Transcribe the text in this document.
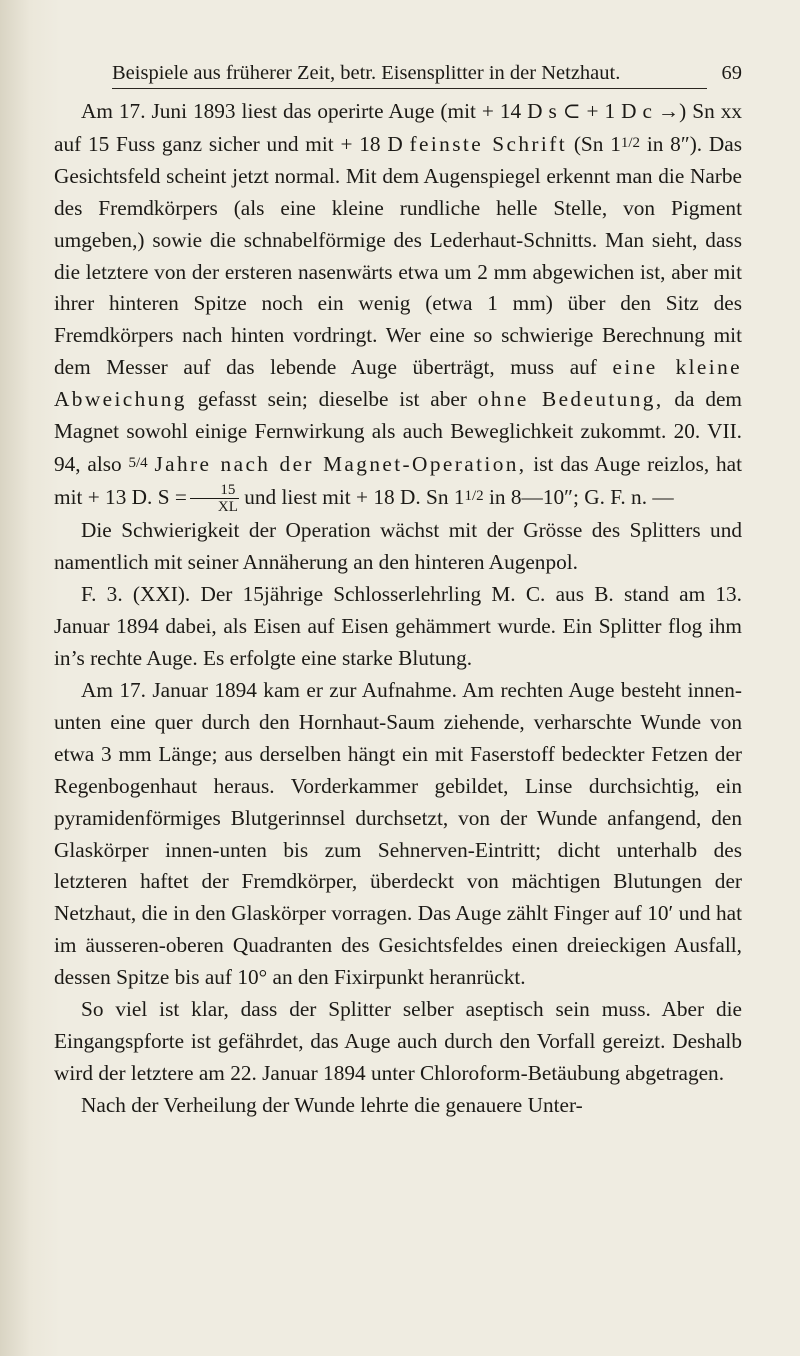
Beispiele aus früherer Zeit, betr. Eisensplitter in der Netzhaut.	69

Am 17. Juni 1893 liest das operirte Auge (mit + 14 D s ⊂ + 1 D c →) Sn xx auf 15 Fuss ganz sicher und mit + 18 D feinste Schrift (Sn 11/2 in 8″). Das Gesichtsfeld scheint jetzt normal. Mit dem Augenspiegel erkennt man die Narbe des Fremdkörpers (als eine kleine rundliche helle Stelle, von Pigment umgeben,) sowie die schnabelförmige des Lederhaut-Schnitts. Man sieht, dass die letztere von der ersteren nasenwärts etwa um 2 mm abgewichen ist, aber mit ihrer hinteren Spitze noch ein wenig (etwa 1 mm) über den Sitz des Fremdkörpers nach hinten vordringt. Wer eine so schwierige Berechnung mit dem Messer auf das lebende Auge überträgt, muss auf eine kleine Abweichung gefasst sein; dieselbe ist aber ohne Bedeutung, da dem Magnet sowohl einige Fernwirkung als auch Beweglichkeit zukommt. 20. VII. 94, also 5/4 Jahre nach der Magnet-Operation, ist das Auge reizlos, hat mit + 13 D. $S = \frac{15}{XL}$ und liest mit + 18 D. Sn 11/2 in 8—10″; G. F. n. —

Die Schwierigkeit der Operation wächst mit der Grösse des Splitters und namentlich mit seiner Annäherung an den hinteren Augenpol.

F. 3. (XXI). Der 15jährige Schlosserlehrling M. C. aus B. stand am 13. Januar 1894 dabei, als Eisen auf Eisen gehämmert wurde. Ein Splitter flog ihm in’s rechte Auge. Es erfolgte eine starke Blutung.

Am 17. Januar 1894 kam er zur Aufnahme. Am rechten Auge besteht innen-unten eine quer durch den Hornhaut-Saum ziehende, verharschte Wunde von etwa 3 mm Länge; aus derselben hängt ein mit Faserstoff bedeckter Fetzen der Regenbogenhaut heraus. Vorderkammer gebildet, Linse durchsichtig, ein pyramidenförmiges Blutgerinnsel durchsetzt, von der Wunde anfangend, den Glaskörper innen-unten bis zum Sehnerven-Eintritt; dicht unterhalb des letzteren haftet der Fremdkörper, überdeckt von mächtigen Blutungen der Netzhaut, die in den Glaskörper vorragen. Das Auge zählt Finger auf 10′ und hat im äusseren-oberen Quadranten des Gesichtsfeldes einen dreieckigen Ausfall, dessen Spitze bis auf 10° an den Fixirpunkt heranrückt.

So viel ist klar, dass der Splitter selber aseptisch sein muss. Aber die Eingangspforte ist gefährdet, das Auge auch durch den Vorfall gereizt. Deshalb wird der letztere am 22. Januar 1894 unter Chloroform-Betäubung abgetragen.

Nach der Verheilung der Wunde lehrte die genauere Unter-
